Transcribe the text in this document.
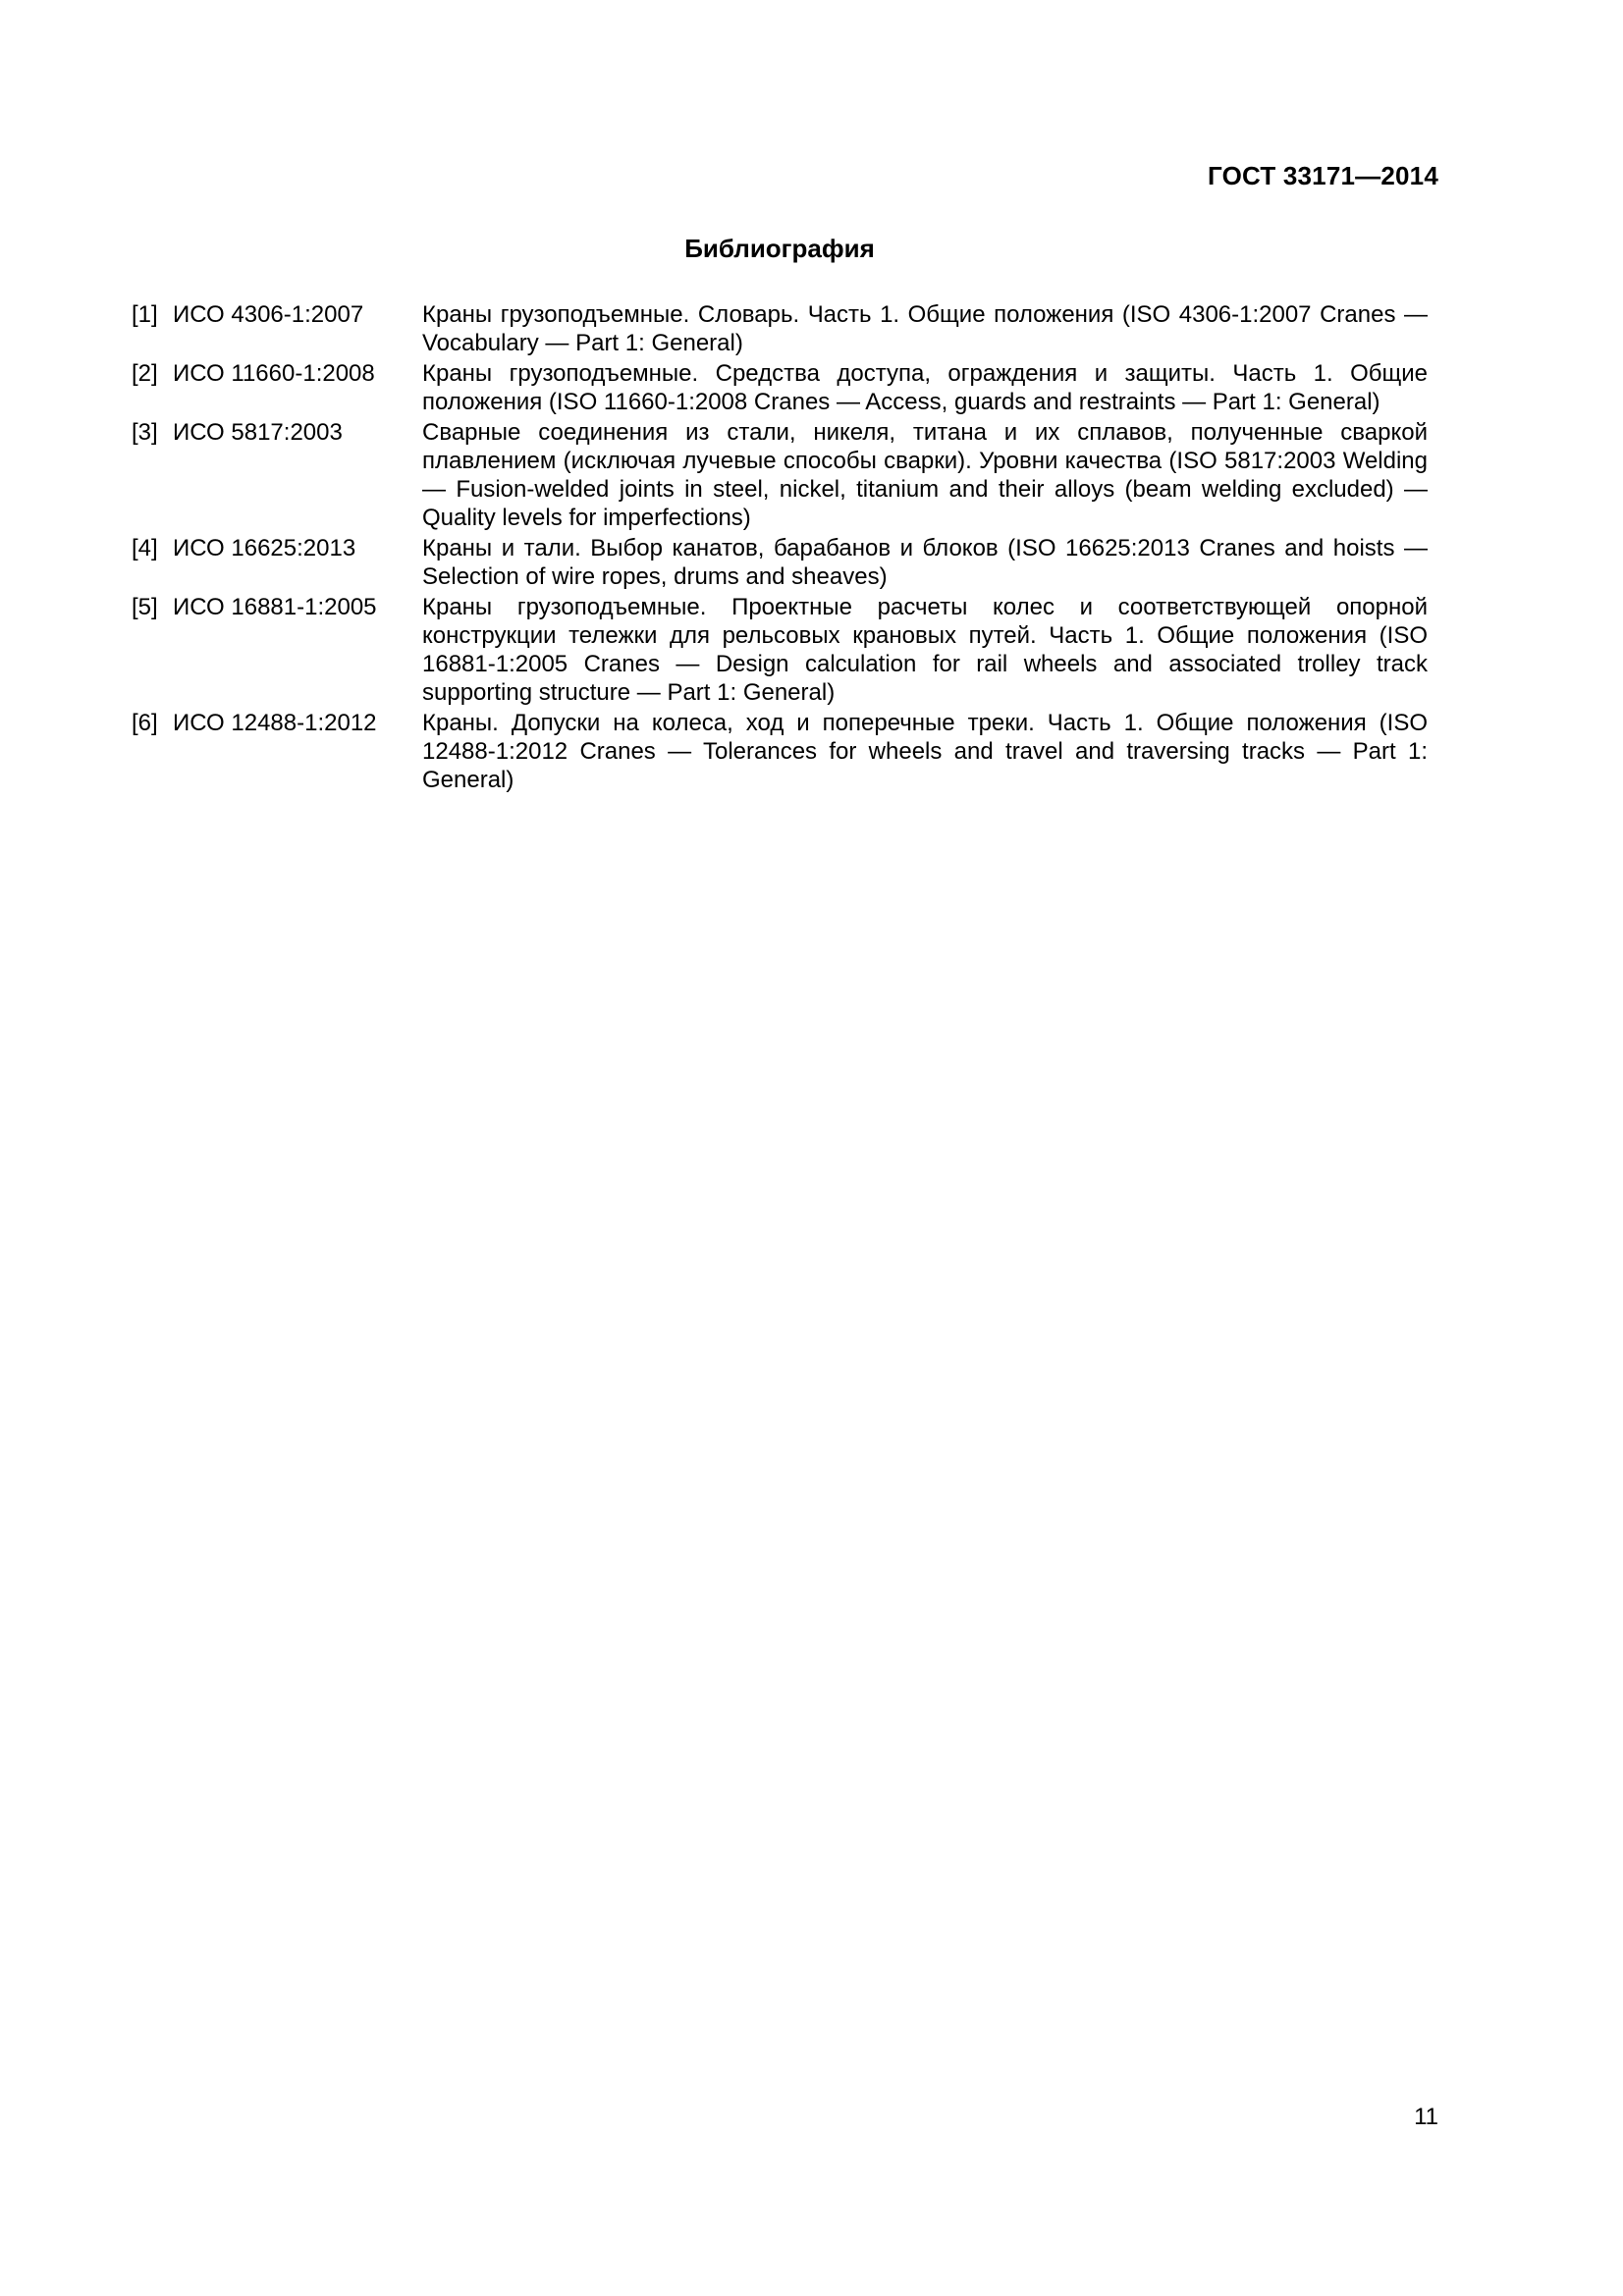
ГОСТ 33171—2014
Библиография
[1] ИСО 4306-1:2007	Краны грузоподъемные. Словарь. Часть 1. Общие положения (ISO 4306-1:2007 Cranes — Vocabulary — Part 1: General)
[2] ИСО 11660-1:2008	Краны грузоподъемные. Средства доступа, ограждения и защиты. Часть 1. Общие положения (ISO 11660-1:2008 Cranes — Access, guards and restraints — Part 1: General)
[3] ИСО 5817:2003	Сварные соединения из стали, никеля, титана и их сплавов, полученные сваркой плавлением (исключая лучевые способы сварки). Уровни качества (ISO 5817:2003 Welding — Fusion-welded joints in steel, nickel, titanium and their alloys (beam welding excluded) — Quality levels for imperfections)
[4] ИСО 16625:2013	Краны и тали. Выбор канатов, барабанов и блоков (ISO 16625:2013 Cranes and hoists — Selection of wire ropes, drums and sheaves)
[5] ИСО 16881-1:2005	Краны грузоподъемные. Проектные расчеты колес и соответствующей опорной конструкции тележки для рельсовых крановых путей. Часть 1. Общие положения (ISO 16881-1:2005 Cranes — Design calculation for rail wheels and associated trolley track supporting structure — Part 1: General)
[6] ИСО 12488-1:2012	Краны. Допуски на колеса, ход и поперечные треки. Часть 1. Общие положения (ISO 12488-1:2012 Cranes — Tolerances for wheels and travel and traversing tracks — Part 1: General)
11
